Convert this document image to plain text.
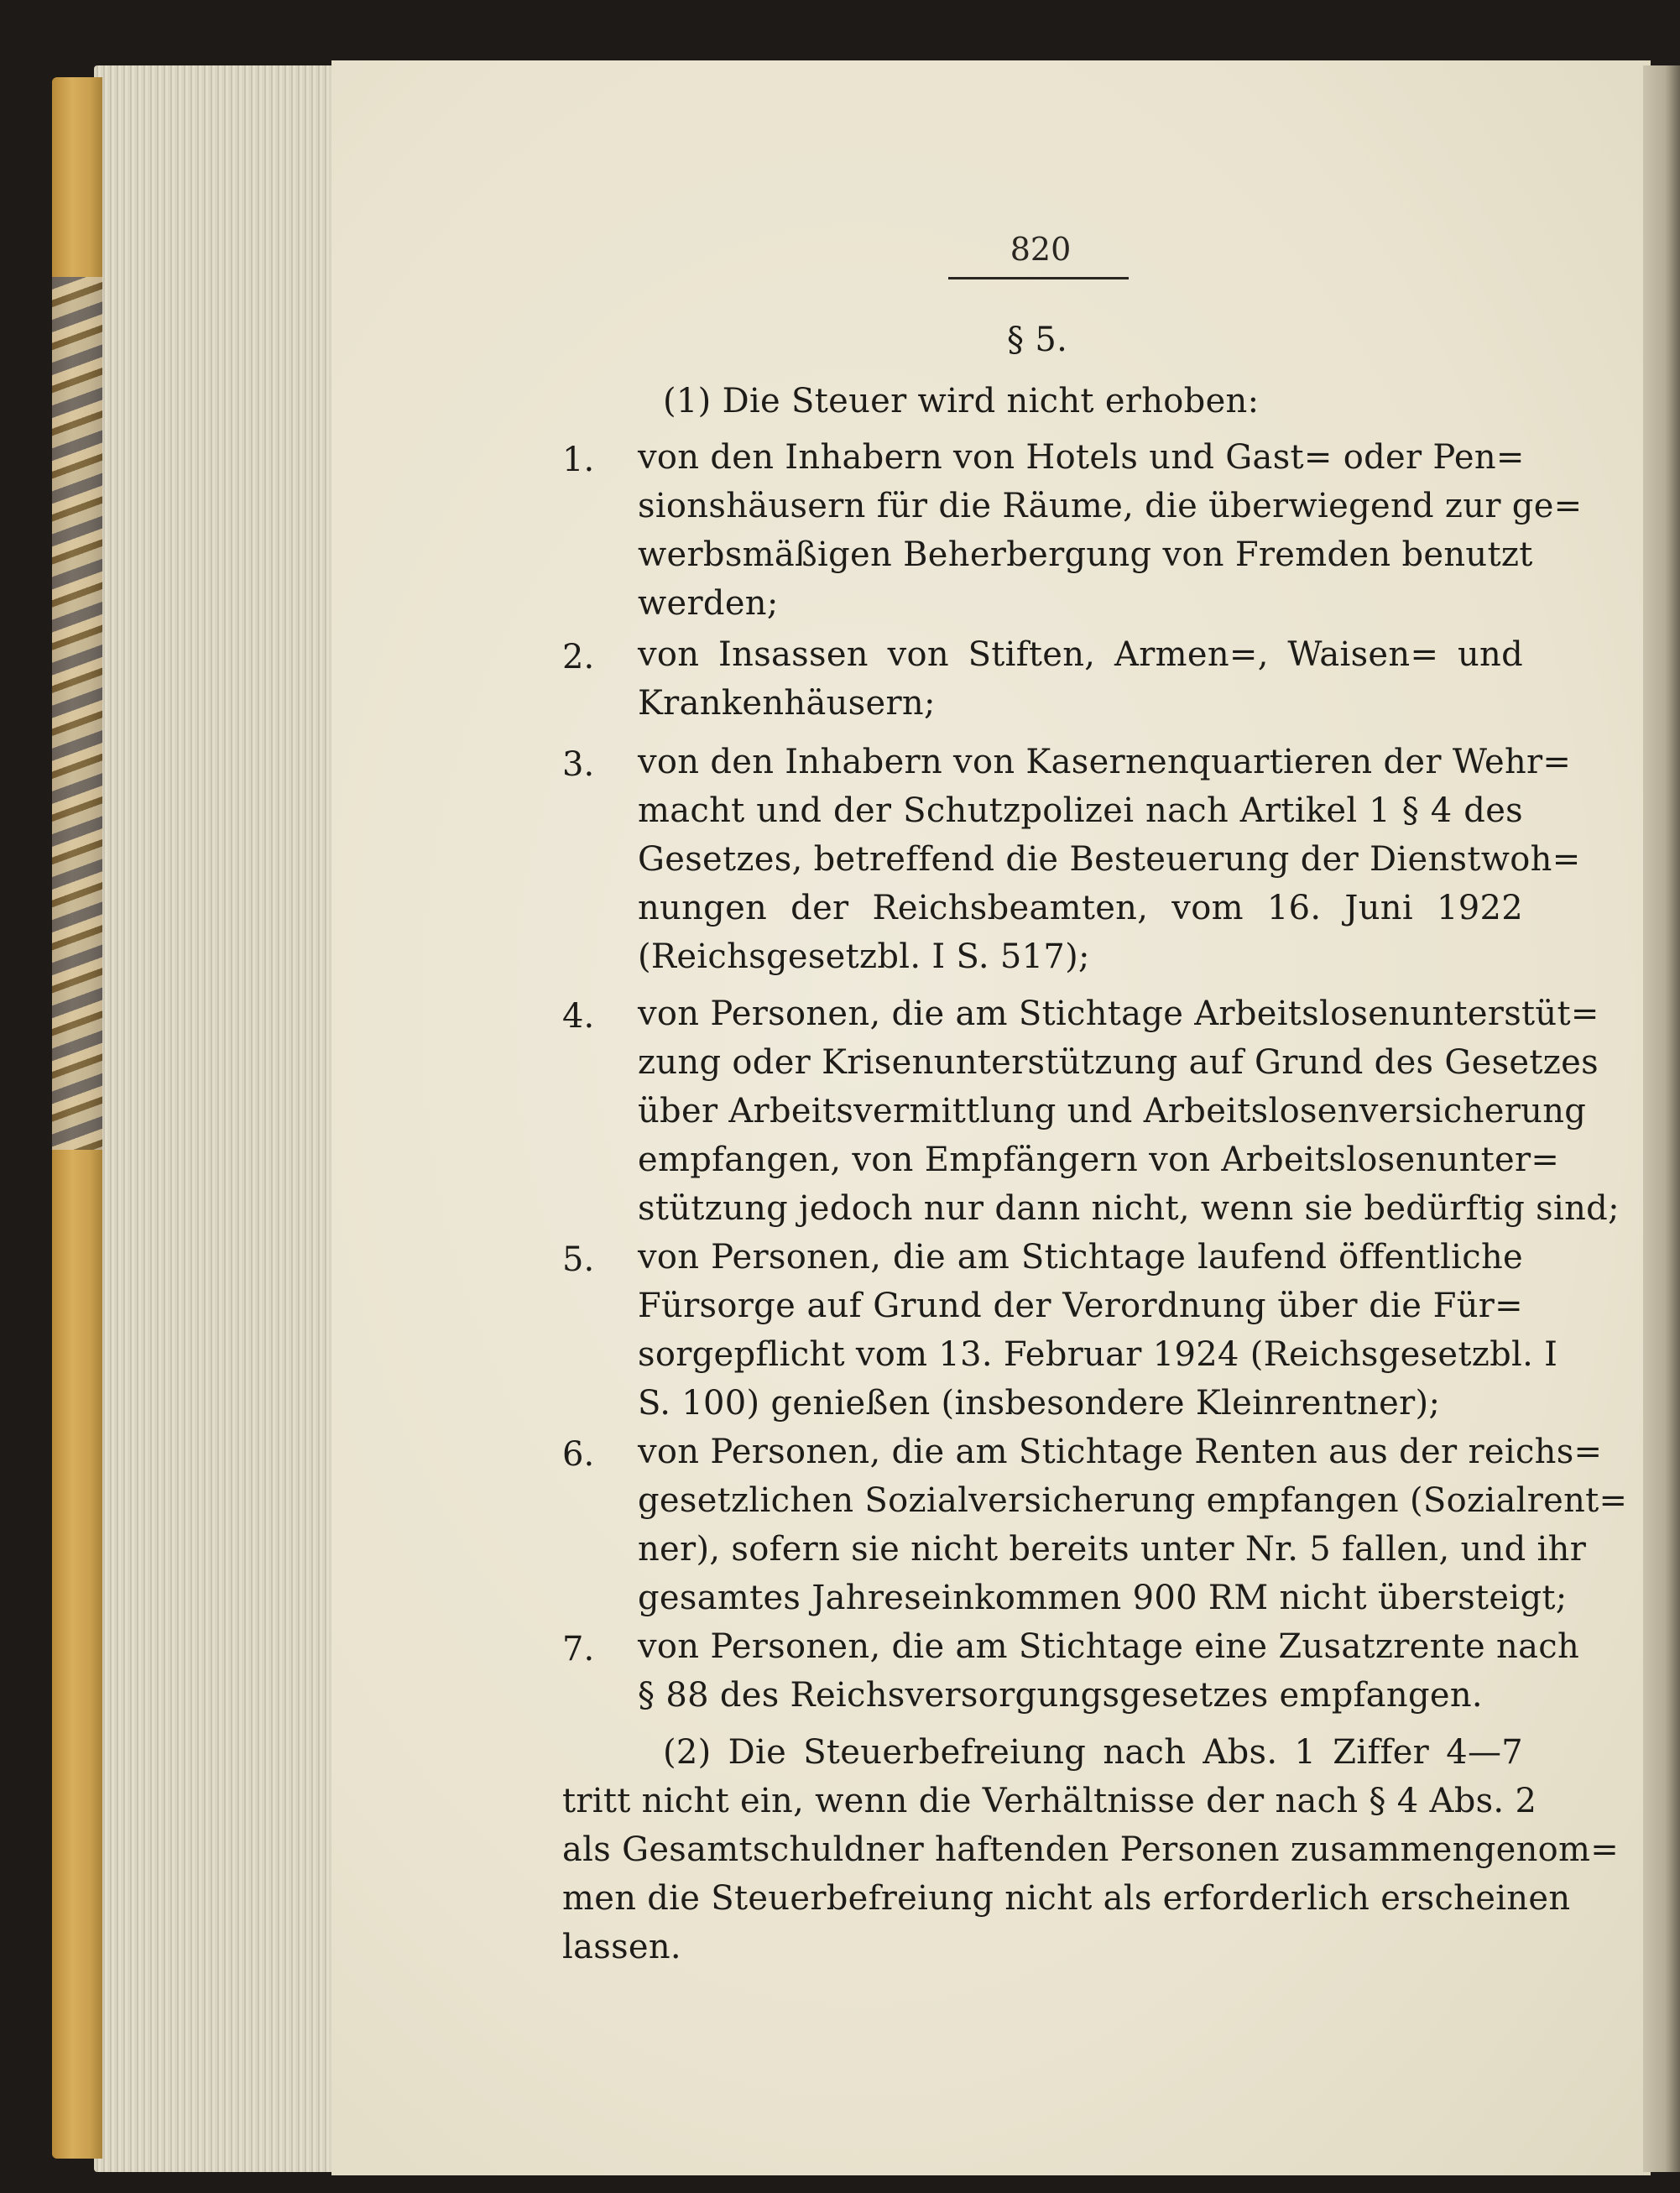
820
§ 5.
(1) Die Steuer wird nicht erhoben:
1. von den Inhabern von Hotels und Gast= oder Pen=
sionshäusern für die Räume, die überwiegend zur ge=
werbsmäßigen Beherbergung von Fremden benutzt
werden;
2. von Insassen von Stiften, Armen=, Waisen= und
Krankenhäusern;
3. von den Inhabern von Kasernenquartieren der Wehr=
macht und der Schutzpolizei nach Artikel 1 § 4 des
Gesetzes, betreffend die Besteuerung der Dienstwoh=
nungen der Reichsbeamten, vom 16. Juni 1922
(Reichsgesetzbl. I S. 517);
4. von Personen, die am Stichtage Arbeitslosenunterstüt=
zung oder Krisenunterstützung auf Grund des Gesetzes
über Arbeitsvermittlung und Arbeitslosenversicherung
empfangen, von Empfängern von Arbeitslosenunter=
stützung jedoch nur dann nicht, wenn sie bedürftig sind;
5. von Personen, die am Stichtage laufend öffentliche
Fürsorge auf Grund der Verordnung über die Für=
sorgepflicht vom 13. Februar 1924 (Reichsgesetzbl. I
S. 100) genießen (insbesondere Kleinrentner);
6. von Personen, die am Stichtage Renten aus der reichs=
gesetzlichen Sozialversicherung empfangen (Sozialrent=
ner), sofern sie nicht bereits unter Nr. 5 fallen, und ihr
gesamtes Jahreseinkommen 900 RM nicht übersteigt;
7. von Personen, die am Stichtage eine Zusatzrente nach
§ 88 des Reichsversorgungsgesetzes empfangen.
(2) Die Steuerbefreiung nach Abs. 1 Ziffer 4—7
tritt nicht ein, wenn die Verhältnisse der nach § 4 Abs. 2
als Gesamtschuldner haftenden Personen zusammengenom=
men die Steuerbefreiung nicht als erforderlich erscheinen
lassen.
